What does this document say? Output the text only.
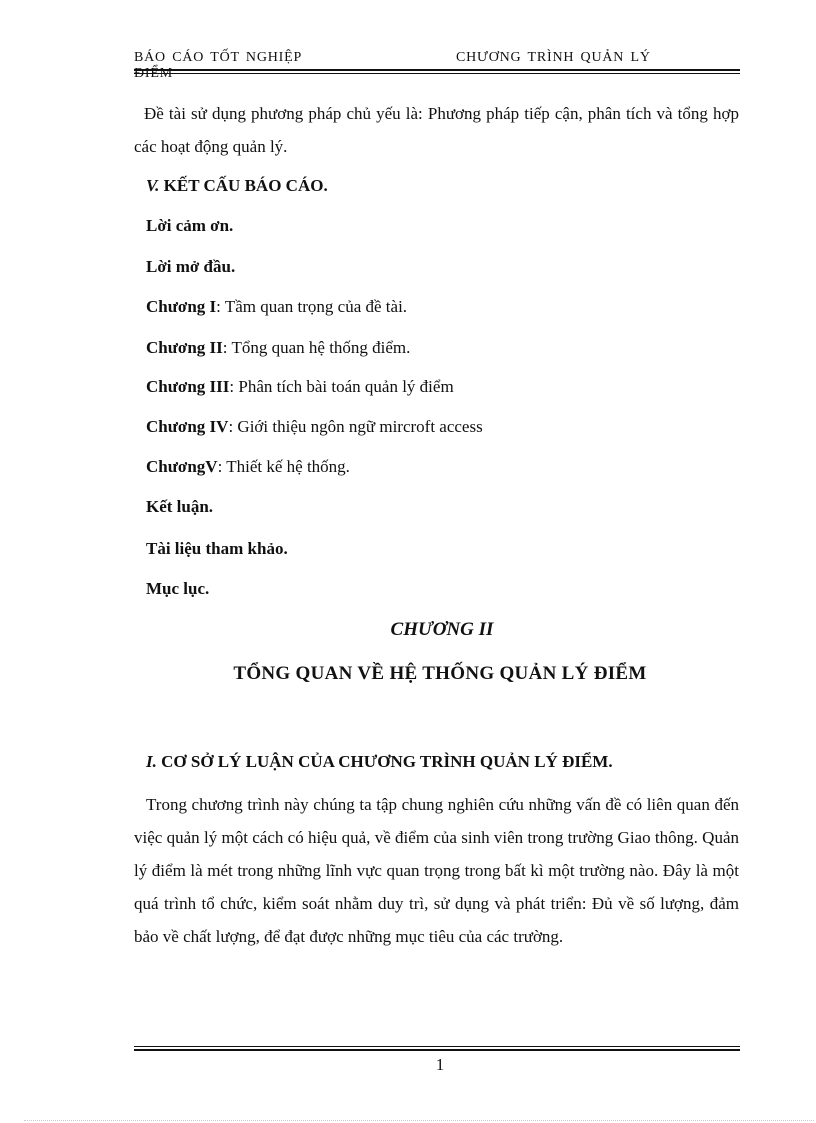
BÁO CÁO TỐT NGHIỆP ĐIỂM
CHƯƠNG TRÌNH QUẢN LÝ

Đề tài sử dụng phương pháp chủ yếu là: Phương pháp tiếp cận, phân tích và tổng hợp các hoạt động quản lý.

V. KẾT CẤU BÁO CÁO.

Lời cảm ơn.

Lời mở đầu.

Chương I: Tầm quan trọng của đề tài.

Chương II: Tổng quan hệ thống điểm.

Chương III: Phân tích bài toán quản lý điểm

Chương IV: Giới thiệu ngôn ngữ mircroft access

ChươngV: Thiết kế hệ thống.

Kết luận.

Tài liệu tham khảo.

Mục lục.

CHƯƠNG II

TỔNG QUAN VỀ HỆ THỐNG QUẢN LÝ ĐIỂM

I. CƠ SỞ LÝ LUẬN CỦA CHƯƠNG TRÌNH QUẢN LÝ ĐIỂM.

Trong chương trình này chúng ta tập chung nghiên cứu những vấn đề có liên quan đến việc quản lý một cách có hiệu quả, về điểm của sinh viên trong trường Giao thông. Quản lý điểm là mét trong những lĩnh vực quan trọng trong bất kì một trường nào. Đây là một quá trình tổ chức, kiểm soát nhằm duy trì, sử dụng và phát triển: Đủ về số lượng, đảm bảo về chất lượng, để đạt được những mục tiêu của các trường.

1
